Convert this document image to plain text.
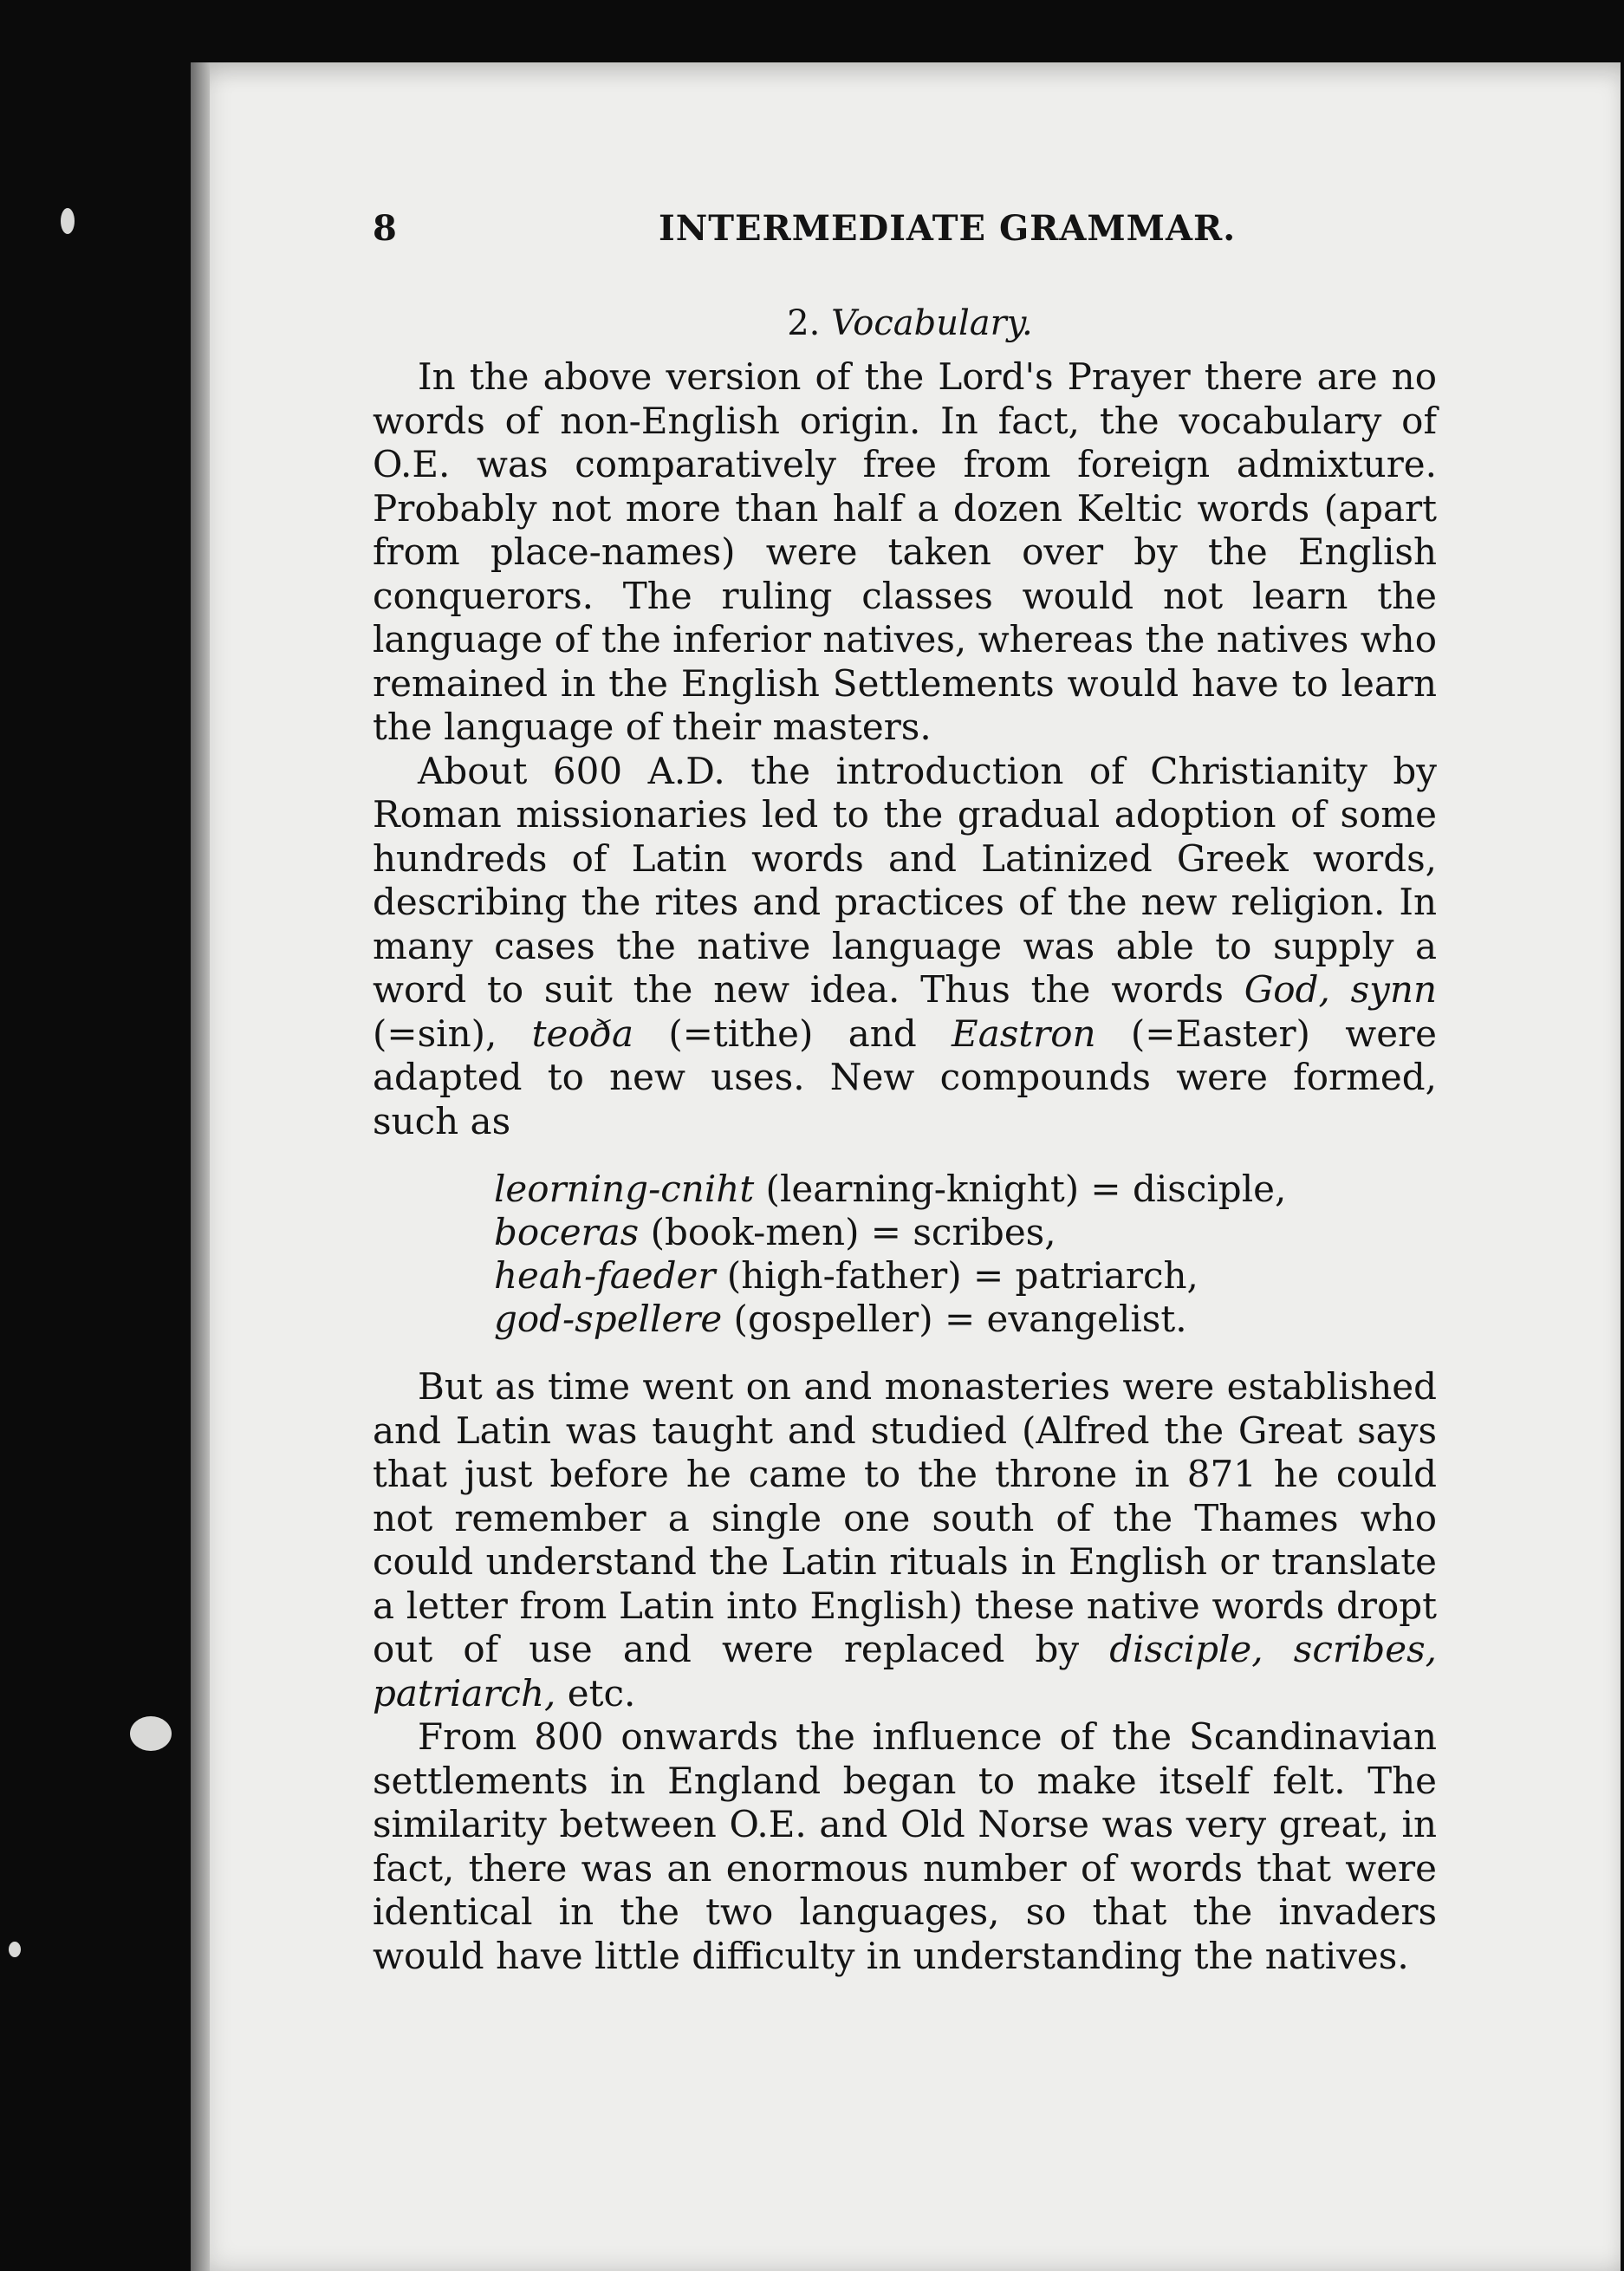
8	INTERMEDIATE GRAMMAR.
2. Vocabulary.

In the above version of the Lord's Prayer there are no words of non-English origin. In fact, the vocabulary of O.E. was comparatively free from foreign admixture. Probably not more than half a dozen Keltic words (apart from place-names) were taken over by the English conquerors. The ruling classes would not learn the language of the inferior natives, whereas the natives who remained in the English Settlements would have to learn the language of their masters.

About 600 A.D. the introduction of Christianity by Roman missionaries led to the gradual adoption of some hundreds of Latin words and Latinized Greek words, describing the rites and practices of the new religion. In many cases the native language was able to supply a word to suit the new idea. Thus the words God, synn (=sin), teoða (=tithe) and Eastron (=Easter) were adapted to new uses. New compounds were formed, such as

leorning-cniht (learning-knight) = disciple,
boceras (book-men) = scribes,
heah-faeder (high-father) = patriarch,
god-spellere (gospeller) = evangelist.

But as time went on and monasteries were established and Latin was taught and studied (Alfred the Great says that just before he came to the throne in 871 he could not remember a single one south of the Thames who could understand the Latin rituals in English or translate a letter from Latin into English) these native words dropt out of use and were replaced by disciple, scribes, patriarch, etc.

From 800 onwards the influence of the Scandinavian settlements in England began to make itself felt. The similarity between O.E. and Old Norse was very great, in fact, there was an enormous number of words that were identical in the two languages, so that the invaders would have little difficulty in understanding the natives.
